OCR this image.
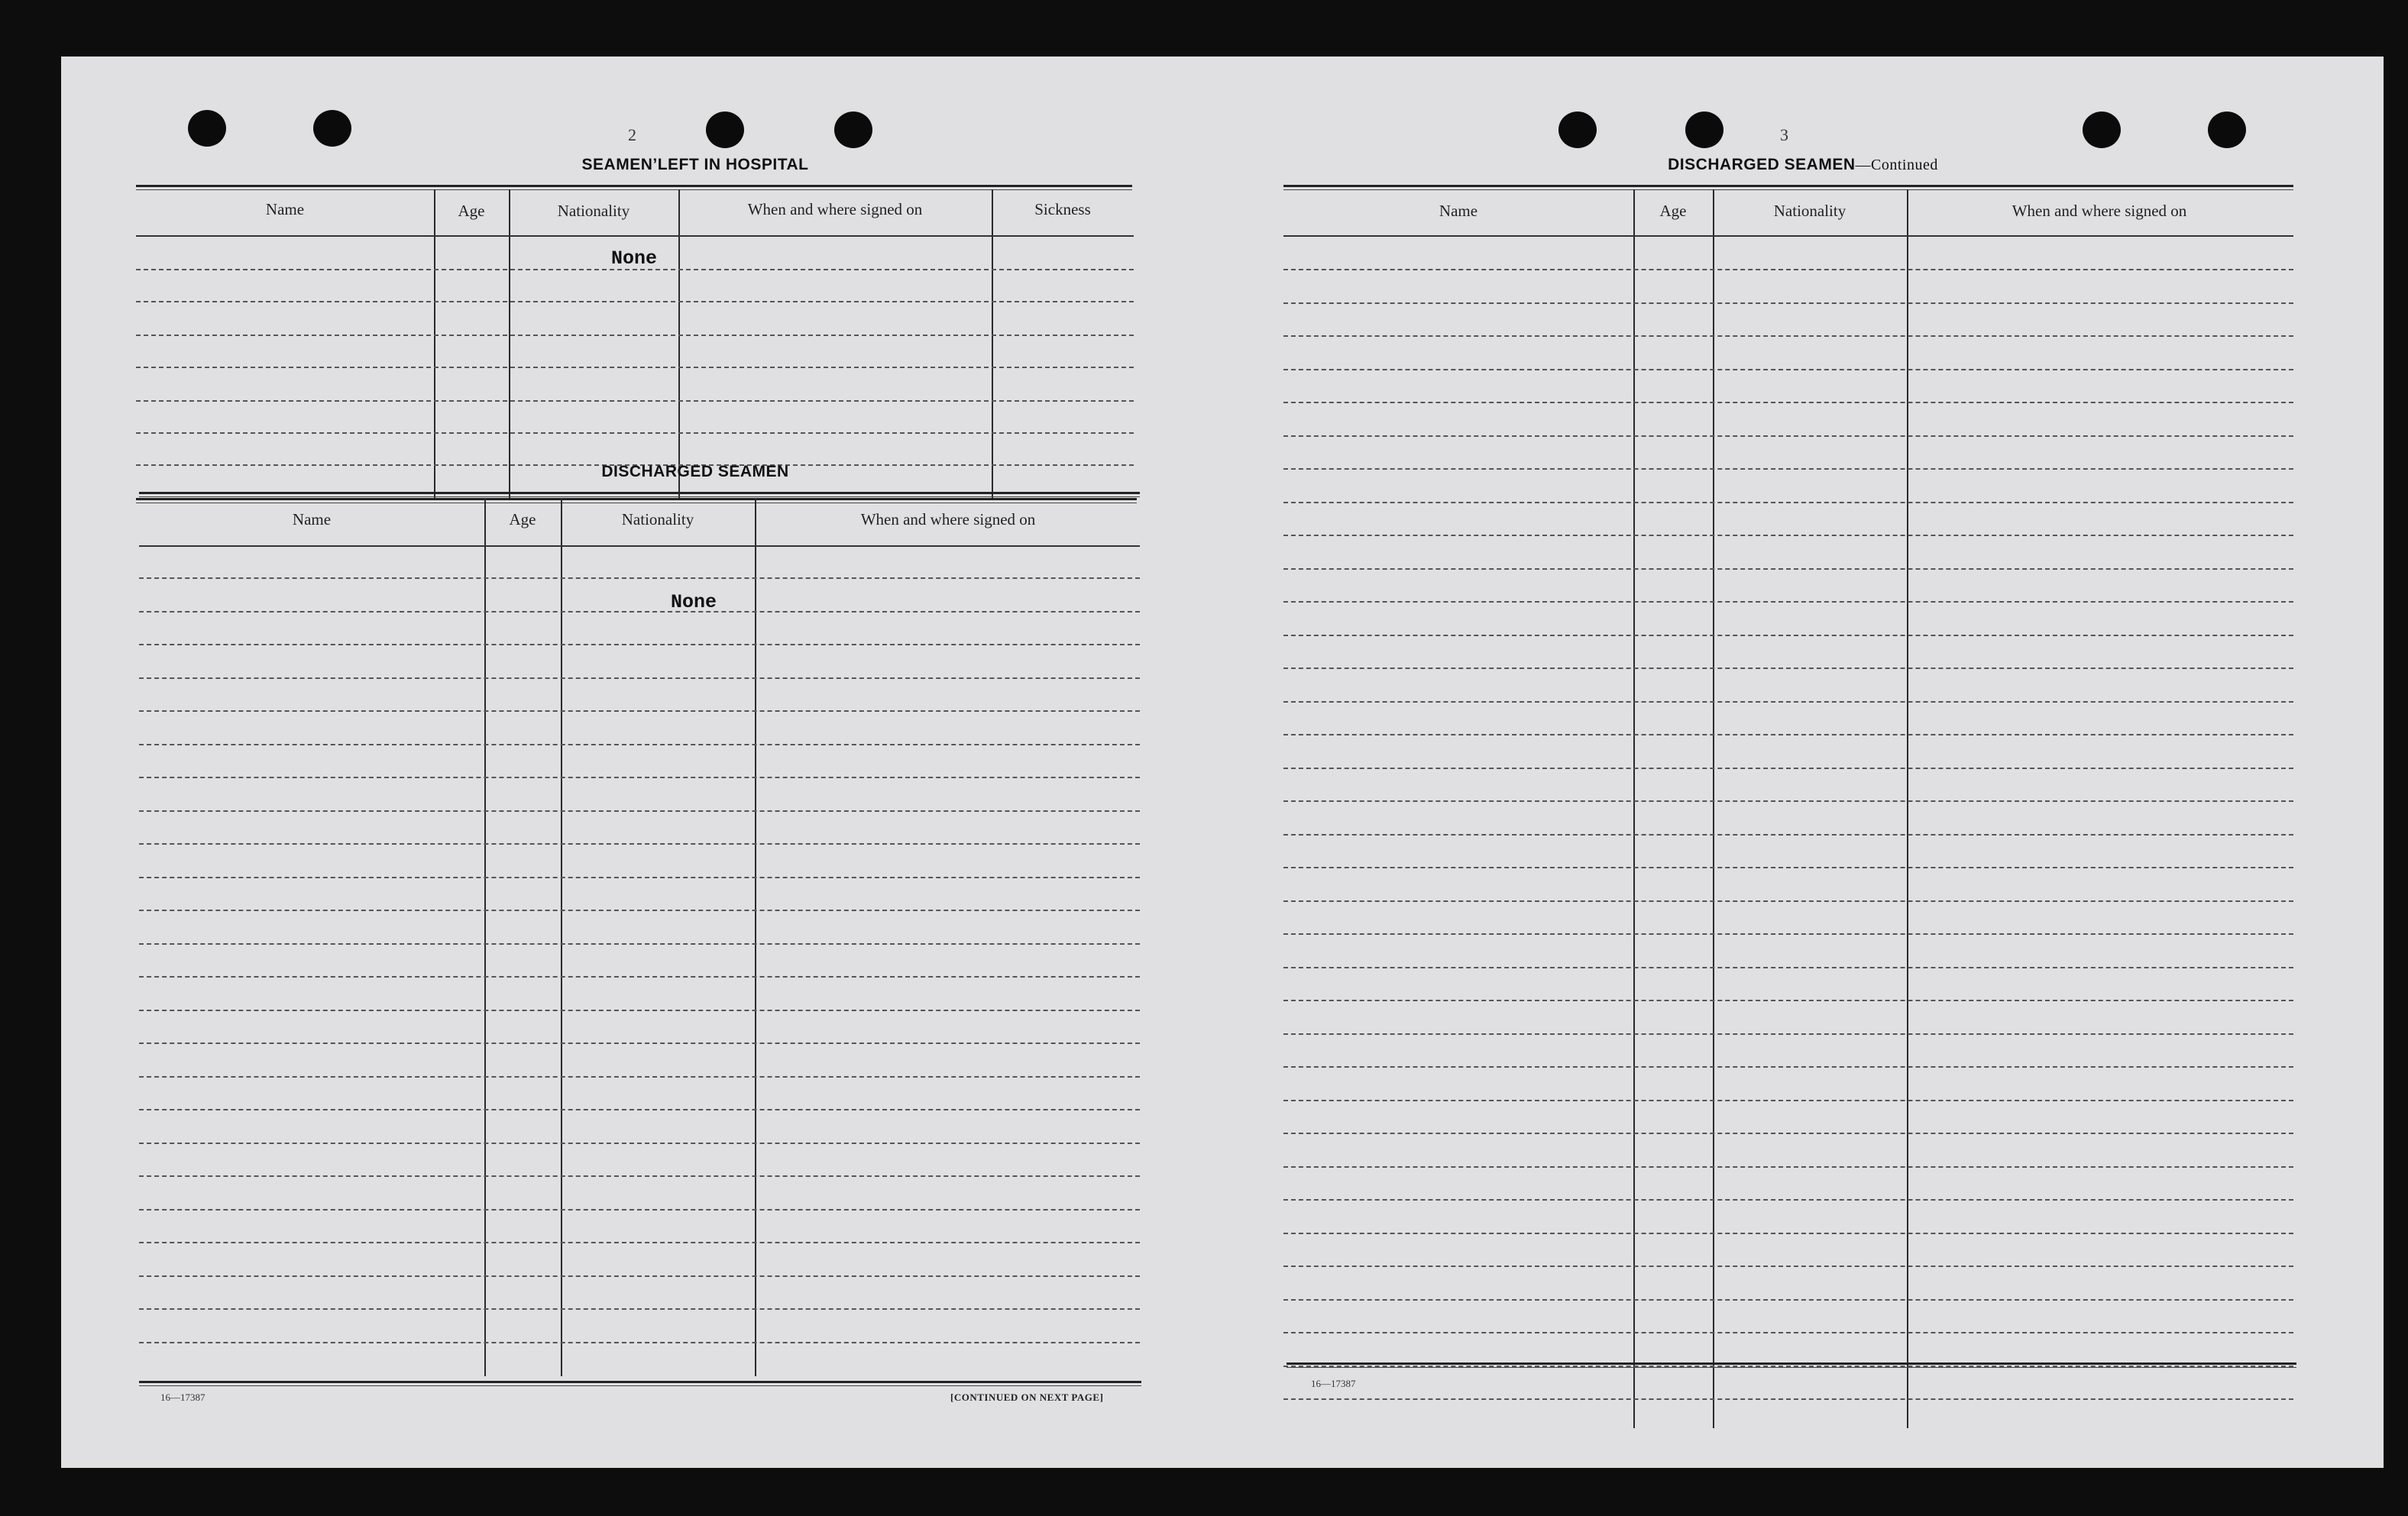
2
SEAMEN’LEFT IN HOSPITAL
Name	Age	Nationality	When and where signed on	Sickness
None
DISCHARGED SEAMEN
Name	Age	Nationality	When and where signed on
None
16—17387	[CONTINUED ON NEXT PAGE]
3
DISCHARGED SEAMEN—Continued
Name	Age	Nationality	When and where signed on
16—17387
